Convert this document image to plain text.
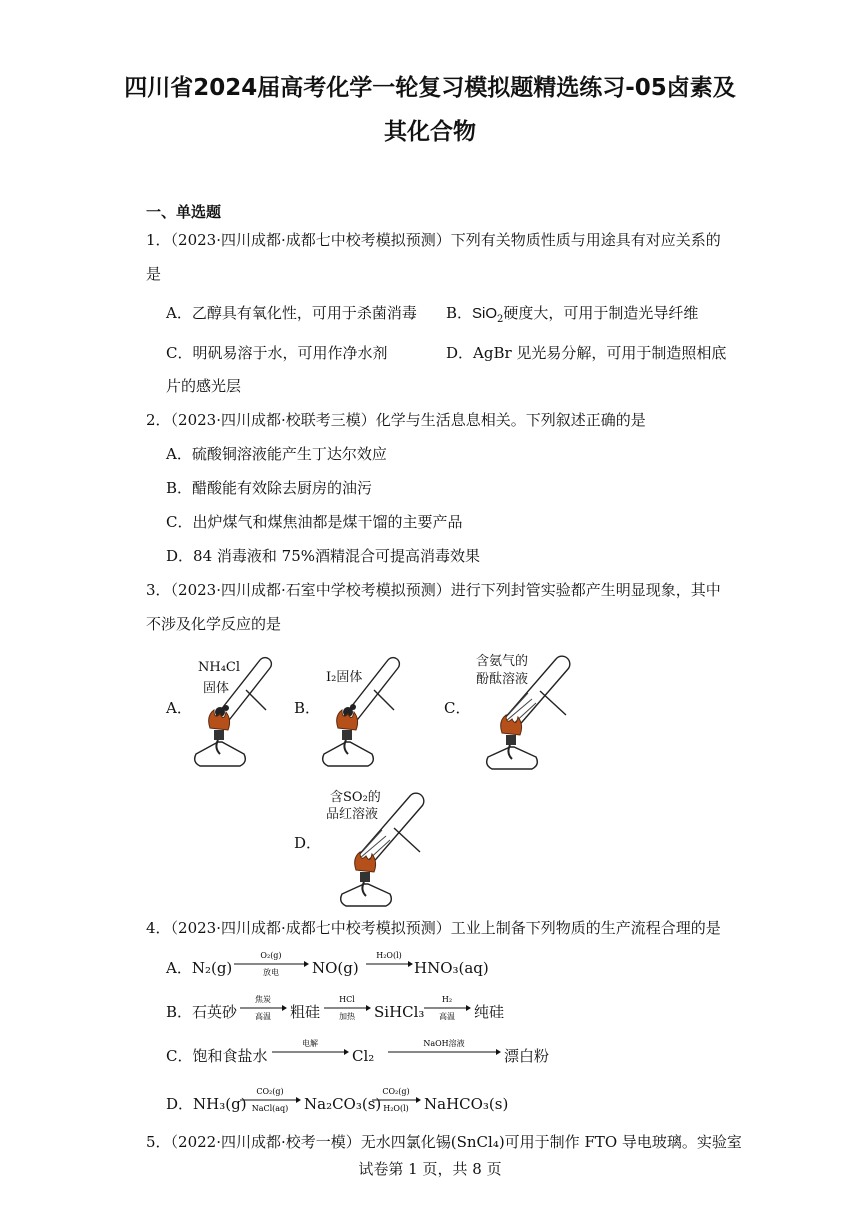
四川省2024届高考化学一轮复习模拟题精选练习-05卤素及
其化合物
一、单选题
1．（2023·四川成都·成都七中校考模拟预测）下列有关物质性质与用途具有对应关系的
是
A．乙醇具有氧化性，可用于杀菌消毒 B．SiO$_2$硬度大，可用于制造光导纤维
C．明矾易溶于水，可用作净水剂	D．AgBr 见光易分解，可用于制造照相底
片的感光层
2．（2023·四川成都·校联考三模）化学与生活息息相关。下列叙述正确的是
A．硫酸铜溶液能产生丁达尔效应
B．醋酸能有效除去厨房的油污
C．出炉煤气和煤焦油都是煤干馏的主要产品
D．84 消毒液和 75%酒精混合可提高消毒效果
3．（2023·四川成都·石室中学校考模拟预测）进行下列封管实验都产生明显现象，其中
不涉及化学反应的是
A．	B．	C．
D．
NH₄Cl
固体
I₂固体
含氨气的
酚酞溶液
含SO₂的
品红溶液
4．（2023·四川成都·成都七中校考模拟预测）工业上制备下列物质的生产流程合理的是
A．N₂(g)
O₂(g)
放电 NO(g)
H₂O(l)
HNO₃(aq)
B．石英砂
焦炭
高温 粗硅
HCl
加热 SiHCl₃
H₂
高温 纯硅
C．饱和食盐水
电解
Cl₂
NaOH溶液
漂白粉
D．NH₃(g)
CO₂(g)
NaCl(aq) Na₂CO₃(s)
CO₂(g)
H₂O(l) NaHCO₃(s)
5．（2022·四川成都·校考一模）无水四氯化锡(SnCl₄)可用于制作 FTO 导电玻璃。实验室
试卷第 1 页，共 8 页
